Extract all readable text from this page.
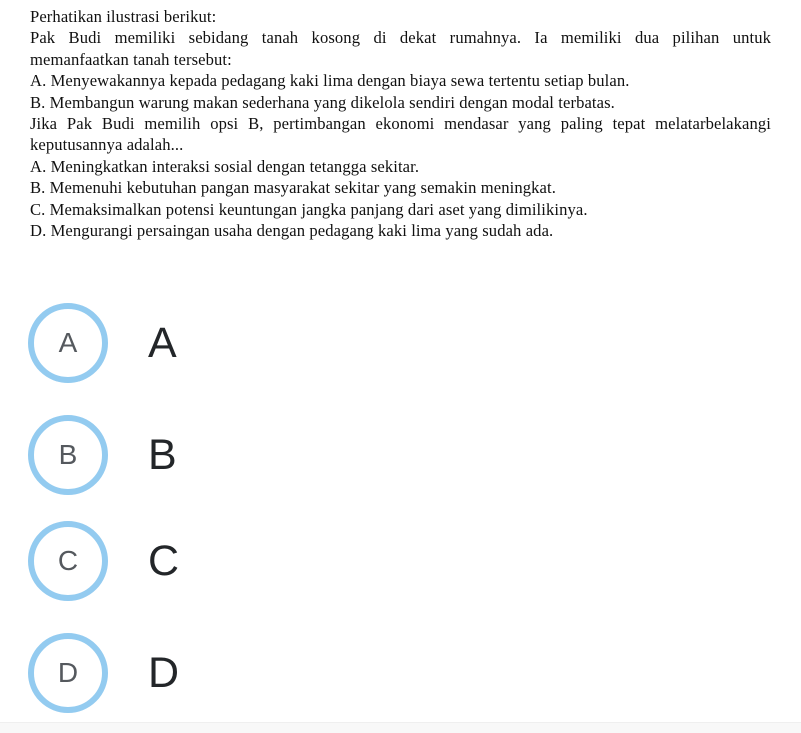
Perhatikan ilustrasi berikut:
Pak Budi memiliki sebidang tanah kosong di dekat rumahnya. Ia memiliki dua pilihan untuk
memanfaatkan tanah tersebut:
A. Menyewakannya kepada pedagang kaki lima dengan biaya sewa tertentu setiap bulan.
B. Membangun warung makan sederhana yang dikelola sendiri dengan modal terbatas.
Jika Pak Budi memilih opsi B, pertimbangan ekonomi mendasar yang paling tepat melatarbelakangi
keputusannya adalah...
A. Meningkatkan interaksi sosial dengan tetangga sekitar.
B. Memenuhi kebutuhan pangan masyarakat sekitar yang semakin meningkat.
C. Memaksimalkan potensi keuntungan jangka panjang dari aset yang dimilikinya.
D. Mengurangi persaingan usaha dengan pedagang kaki lima yang sudah ada.
A A
B B
C C
D D
